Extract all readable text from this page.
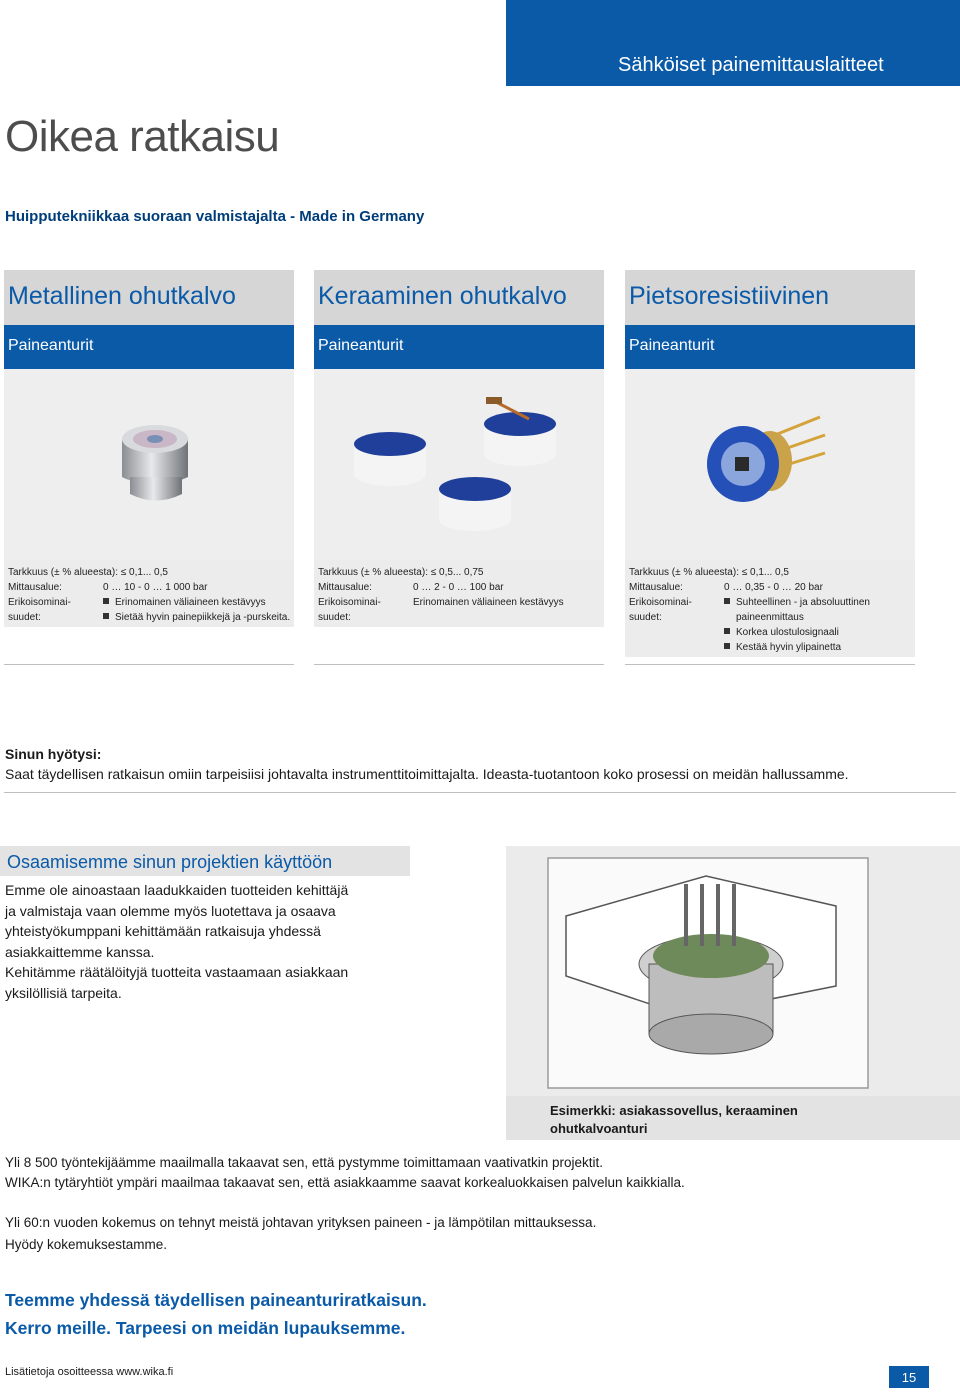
Sähköiset painemittauslaitteet
Oikea ratkaisu
Huipputekniikkaa suoraan valmistajalta - Made in Germany
Metallinen ohutkalvo
Paineanturit
Tarkkuus (± % alueesta): ≤ 0,1... 0,5
Mittausalue:	0 … 10 - 0 … 1 000 bar
Erikoisominai-	Erinomainen väliaineen kestävyys
suudet:	Sietää hyvin painepiikkejä ja -purskeita.
Keraaminen ohutkalvo
Paineanturit
Tarkkuus (± % alueesta): ≤ 0,5... 0,75
Mittausalue:	0 … 2 - 0 … 100 bar
Erikoisominai-	Erinomainen väliaineen kestävyys
suudet:
Pietsoresistiivinen
Paineanturit
Tarkkuus (± % alueesta): ≤ 0,1... 0,5
Mittausalue:	0 … 0,35 - 0 … 20 bar
Erikoisominai-	Suhteellinen - ja absoluuttinen
suudet:	paineenmittaus
Korkea ulostulosignaali
Kestää hyvin ylipainetta
Sinun hyötysi:
Saat täydellisen ratkaisun omiin tarpeisiisi johtavalta instrumenttitoimittajalta. Ideasta-tuotantoon koko prosessi on meidän hallussamme.
Osaamisemme sinun projektien käyttöön
Emme ole ainoastaan laadukkaiden tuotteiden kehittäjä
ja valmistaja vaan olemme myös luotettava ja osaava
yhteistyökumppani kehittämään ratkaisuja yhdessä
asiakkaittemme kanssa.
Kehitämme räätälöityjä tuotteita vastaamaan asiakkaan
yksilöllisiä tarpeita.
Esimerkki: asiakassovellus, keraaminen
ohutkalvoanturi
Yli 8 500 työntekijäämme maailmalla takaavat sen, että pystymme toimittamaan vaativatkin projektit.
WIKA:n tytäryhtiöt ympäri maailmaa takaavat sen, että asiakkaamme saavat korkealuokkaisen palvelun kaikkialla.
Yli 60:n vuoden kokemus on tehnyt meistä johtavan yrityksen paineen - ja lämpötilan mittauksessa.
Hyödy kokemuksestamme.
Teemme yhdessä täydellisen paineanturiratkaisun.
Kerro meille. Tarpeesi on meidän lupauksemme.
Lisätietoja osoitteessa www.wika.fi	15
